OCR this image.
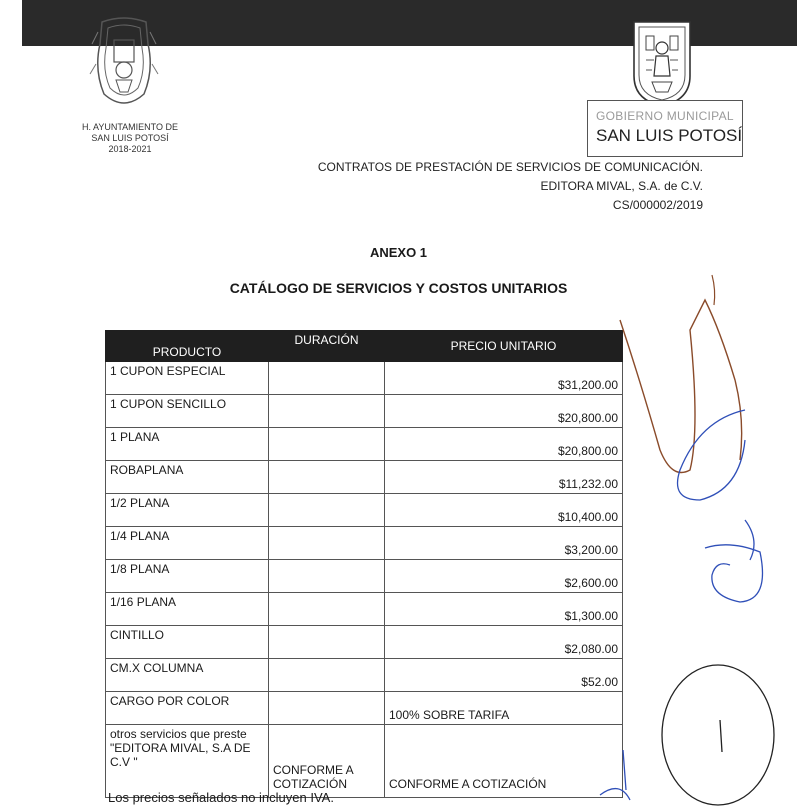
H. AYUNTAMIENTO DE
SAN LUIS POTOSÍ
2018-2021
GOBIERNO MUNICIPAL
SAN LUIS POTOSÍ
CONTRATOS DE PRESTACIÓN DE SERVICIOS DE COMUNICACIÓN.
EDITORA MIVAL, S.A. de C.V.
CS/000002/2019
ANEXO 1
CATÁLOGO DE SERVICIOS Y COSTOS UNITARIOS
PRODUCTO	DURACIÓN	PRECIO UNITARIO
1 CUPON ESPECIAL		$31,200.00
1 CUPON SENCILLO		$20,800.00
1 PLANA		$20,800.00
ROBAPLANA		$11,232.00
1/2 PLANA		$10,400.00
1/4 PLANA		$3,200.00
1/8 PLANA		$2,600.00
1/16 PLANA		$1,300.00
CINTILLO		$2,080.00
CM.X COLUMNA		$52.00
CARGO POR COLOR		100% SOBRE TARIFA
otros servicios que preste "EDITORA MIVAL, S.A DE C.V "	CONFORME A COTIZACIÓN	CONFORME A COTIZACIÓN
Los precios señalados no incluyen IVA.
